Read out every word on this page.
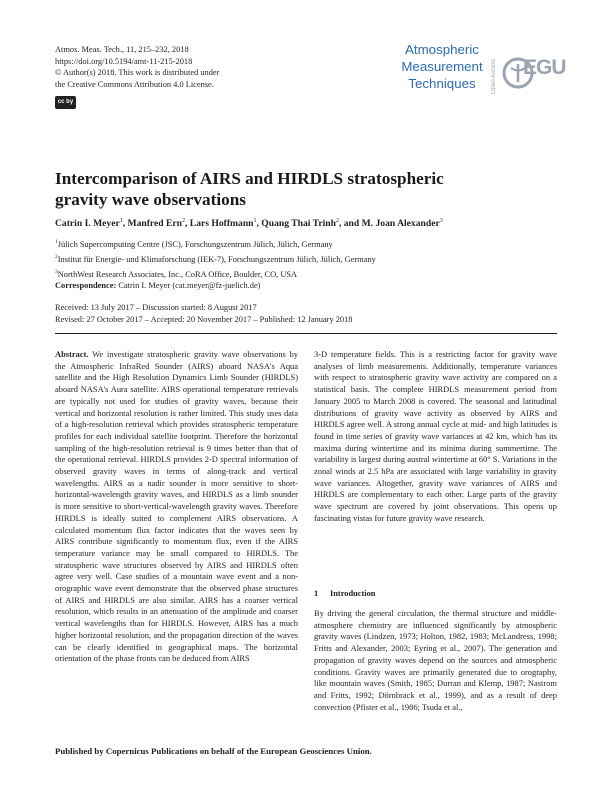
Atmos. Meas. Tech., 11, 215–232, 2018
https://doi.org/10.5194/amt-11-215-2018
© Author(s) 2018. This work is distributed under
the Creative Commons Attribution 4.0 License.
cc by
Atmospheric
Measurement
Techniques	Open Access EGU
Intercomparison of AIRS and HIRDLS stratospheric
gravity wave observations
Catrin I. Meyer$^1$, Manfred Ern$^2$, Lars Hoffmann$^1$, Quang Thai Trinh$^2$, and M. Joan Alexander$^3$
$^1$Jülich Supercomputing Centre (JSC), Forschungszentrum Jülich, Jülich, Germany
$^2$Institut für Energie- und Klimaforschung (IEK-7), Forschungszentrum Jülich, Jülich, Germany
$^3$NorthWest Research Associates, Inc., CoRA Office, Boulder, CO, USA
Correspondence: Catrin I. Meyer (cat.meyer@fz-juelich.de)
Received: 13 July 2017 – Discussion started: 8 August 2017
Revised: 27 October 2017 – Accepted: 20 November 2017 – Published: 12 January 2018
Abstract. We investigate stratospheric gravity wave observations by the Atmospheric InfraRed Sounder (AIRS) aboard NASA's Aqua satellite and the High Resolution Dynamics Limb Sounder (HIRDLS) aboard NASA's Aura satellite. AIRS operational temperature retrievals are typically not used for studies of gravity waves, because their vertical and horizontal resolution is rather limited. This study uses data of a high-resolution retrieval which provides stratospheric temperature profiles for each individual satellite footprint. Therefore the horizontal sampling of the high-resolution retrieval is 9 times better than that of the operational retrieval. HIRDLS provides 2-D spectral information of observed gravity waves in terms of along-track and vertical wavelengths. AIRS as a nadir sounder is more sensitive to short-horizontal-wavelength gravity waves, and HIRDLS as a limb sounder is more sensitive to short-vertical-wavelength gravity waves. Therefore HIRDLS is ideally suited to complement AIRS observations. A calculated momentum flux factor indicates that the waves seen by AIRS contribute significantly to momentum flux, even if the AIRS temperature variance may be small compared to HIRDLS. The stratospheric wave structures observed by AIRS and HIRDLS often agree very well. Case studies of a mountain wave event and a non-orographic wave event demonstrate that the observed phase structures of AIRS and HIRDLS are also similar. AIRS has a coarser vertical resolution, which results in an attenuation of the amplitude and coarser vertical wavelengths than for HIRDLS. However, AIRS has a much higher horizontal resolution, and the propagation direction of the waves can be clearly identified in geographical maps. The horizontal orientation of the phase fronts can be deduced from AIRS
3-D temperature fields. This is a restricting factor for gravity wave analyses of limb measurements. Additionally, temperature variances with respect to stratospheric gravity wave activity are compared on a statistical basis. The complete HIRDLS measurement period from January 2005 to March 2008 is covered. The seasonal and latitudinal distributions of gravity wave activity as observed by AIRS and HIRDLS agree well. A strong annual cycle at mid- and high latitudes is found in time series of gravity wave variances at 42 km, which has its maxima during wintertime and its minima during summertime. The variability is largest during austral wintertime at 60° S. Variations in the zonal winds at 2.5 hPa are associated with large variability in gravity wave variances. Altogether, gravity wave variances of AIRS and HIRDLS are complementary to each other. Large parts of the gravity wave spectrum are covered by joint observations. This opens up fascinating vistas for future gravity wave research.
1 Introduction
By driving the general circulation, the thermal structure and middle-atmosphere chemistry are influenced significantly by atmospheric gravity waves (Lindzen, 1973; Holton, 1982, 1983; McLandress, 1998; Fritts and Alexander, 2003; Eyring et al., 2007). The generation and propagation of gravity waves depend on the sources and atmospheric conditions. Gravity waves are primarily generated due to orography, like mountain waves (Smith, 1985; Durran and Klemp, 1987; Nastrom and Fritts, 1992; Dörnbrack et al., 1999), and as a result of deep convection (Pfister et al., 1986; Tsuda et al.,
Published by Copernicus Publications on behalf of the European Geosciences Union.
